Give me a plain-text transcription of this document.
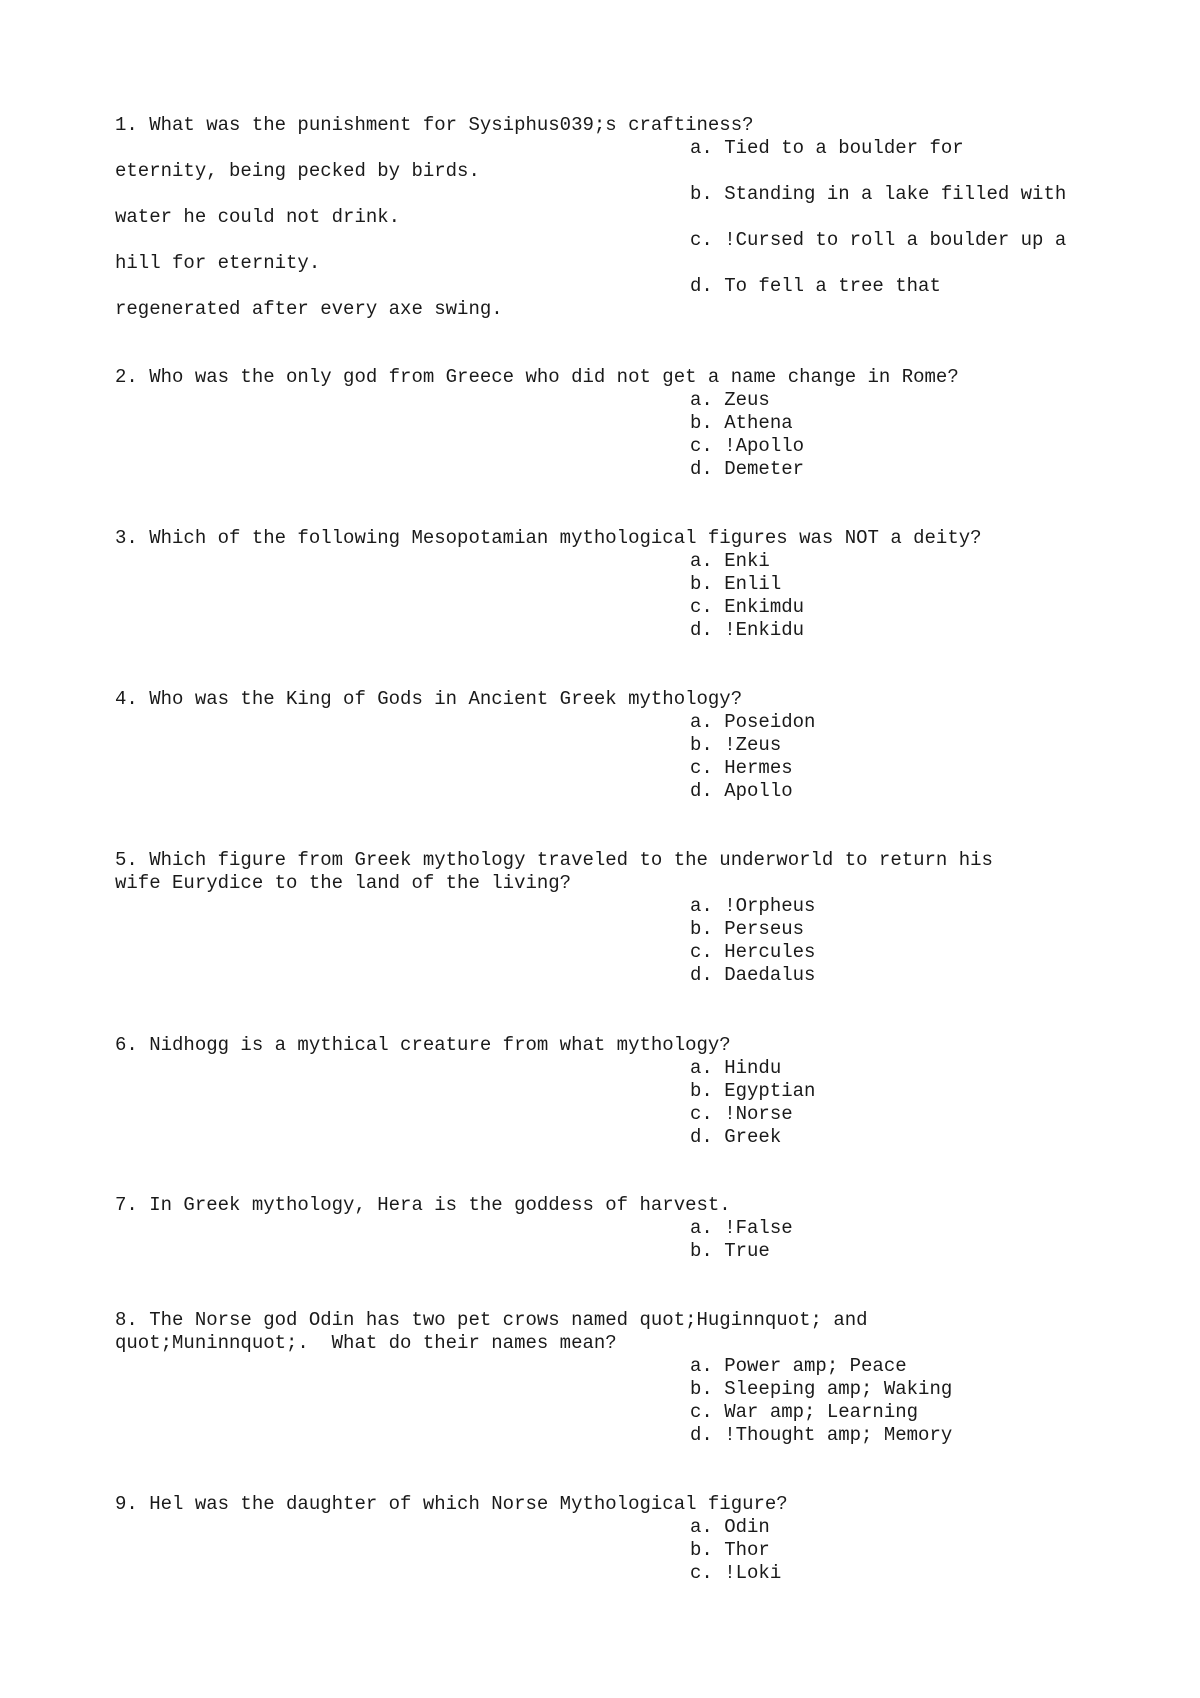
1. What was the punishment for Sysiphus039;s craftiness?
a. Tied to a boulder for
eternity, being pecked by birds.
b. Standing in a lake filled with
water he could not drink.
c. !Cursed to roll a boulder up a
hill for eternity.
d. To fell a tree that
regenerated after every axe swing.
2. Who was the only god from Greece who did not get a name change in Rome?
a. Zeus
b. Athena
c. !Apollo
d. Demeter
3. Which of the following Mesopotamian mythological figures was NOT a deity?
a. Enki
b. Enlil
c. Enkimdu
d. !Enkidu
4. Who was the King of Gods in Ancient Greek mythology?
a. Poseidon
b. !Zeus
c. Hermes
d. Apollo
5. Which figure from Greek mythology traveled to the underworld to return his
wife Eurydice to the land of the living?
a. !Orpheus
b. Perseus
c. Hercules
d. Daedalus
6. Nidhogg is a mythical creature from what mythology?
a. Hindu
b. Egyptian
c. !Norse
d. Greek
7. In Greek mythology, Hera is the goddess of harvest.
a. !False
b. True
8. The Norse god Odin has two pet crows named quot;Huginnquot; and
quot;Muninnquot;.  What do their names mean?
a. Power amp; Peace
b. Sleeping amp; Waking
c. War amp; Learning
d. !Thought amp; Memory
9. Hel was the daughter of which Norse Mythological figure?
a. Odin
b. Thor
c. !Loki
